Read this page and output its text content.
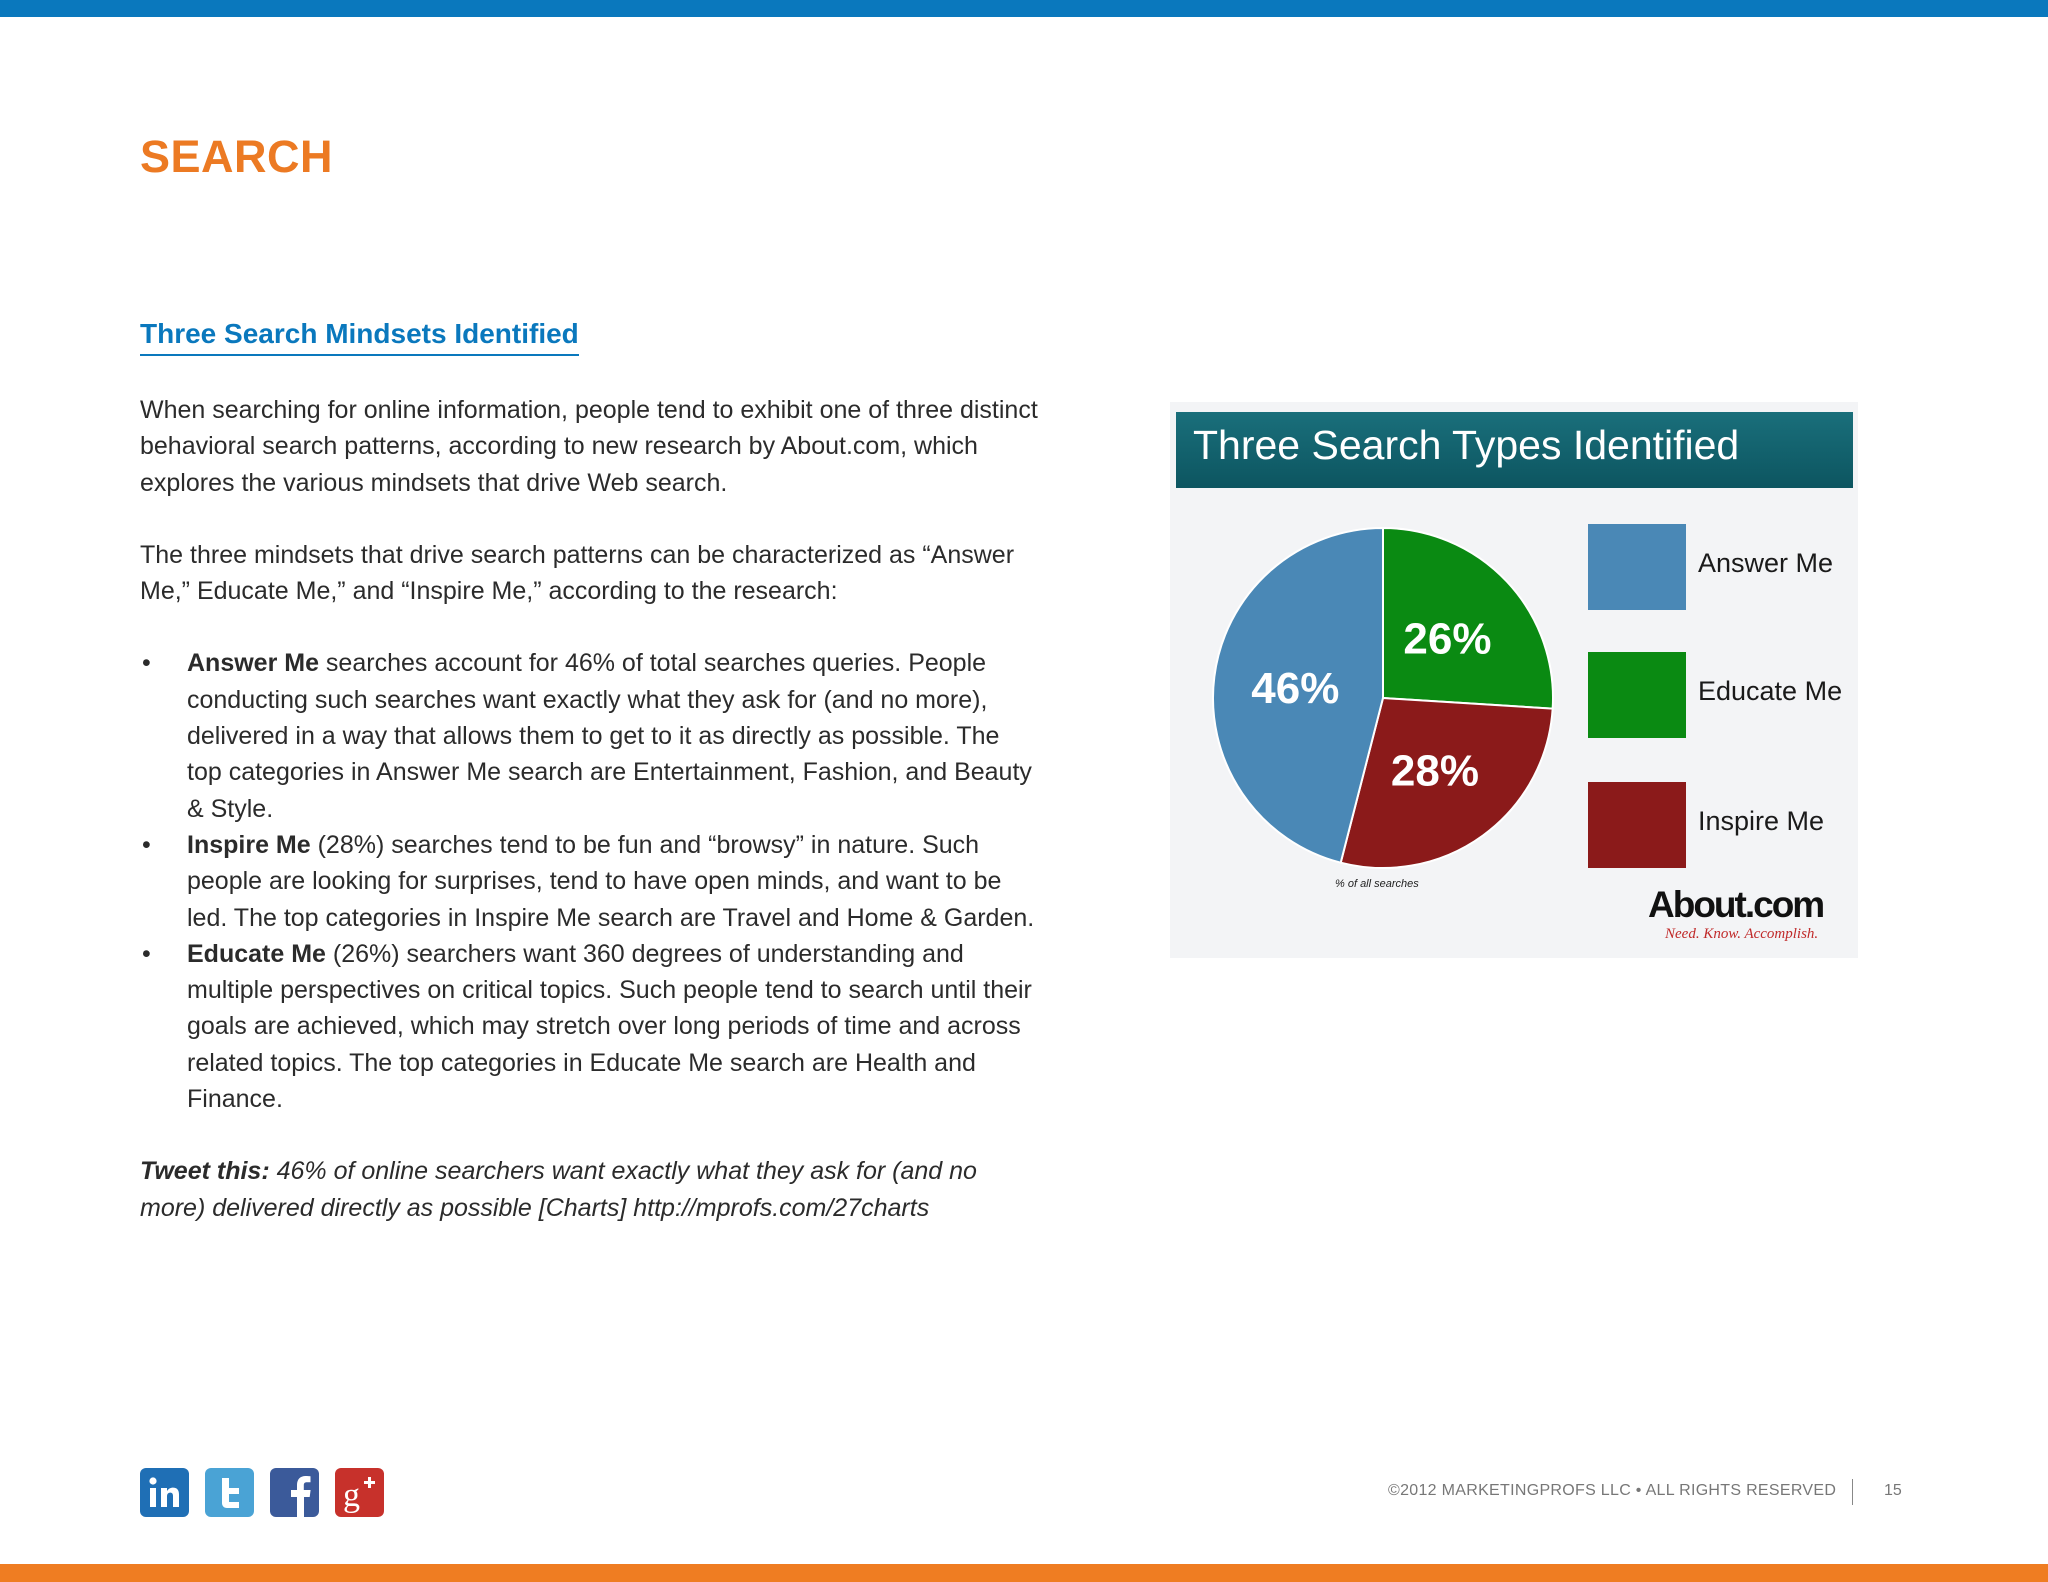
SEARCH
Three Search Mindsets Identified

When searching for online information, people tend to exhibit one of three distinct behavioral search patterns, according to new research by About.com, which explores the various mindsets that drive Web search.

The three mindsets that drive search patterns can be characterized as “Answer Me,” Educate Me,” and “Inspire Me,” according to the research:

• Answer Me searches account for 46% of total searches queries. People conducting such searches want exactly what they ask for (and no more), delivered in a way that allows them to get to it as directly as possible. The top categories in Answer Me search are Entertainment, Fashion, and Beauty & Style.
• Inspire Me (28%) searches tend to be fun and “browsy” in nature. Such people are looking for surprises, tend to have open minds, and want to be led. The top categories in Inspire Me search are Travel and Home & Garden.
• Educate Me (26%) searchers want 360 degrees of understanding and multiple perspectives on critical topics. Such people tend to search until their goals are achieved, which may stretch over long periods of time and across related topics. The top categories in Educate Me search are Health and Finance.

Tweet this: 46% of online searchers want exactly what they ask for (and no more) delivered directly as possible [Charts] http://mprofs.com/27charts

Three Search Types Identified
26%
28%
46%
Answer Me
Educate Me
Inspire Me
% of all searches	About.com
Need. Know. Accomplish.
g	©2012 MARKETINGPROFS LLC • ALL RIGHTS RESERVED	15
